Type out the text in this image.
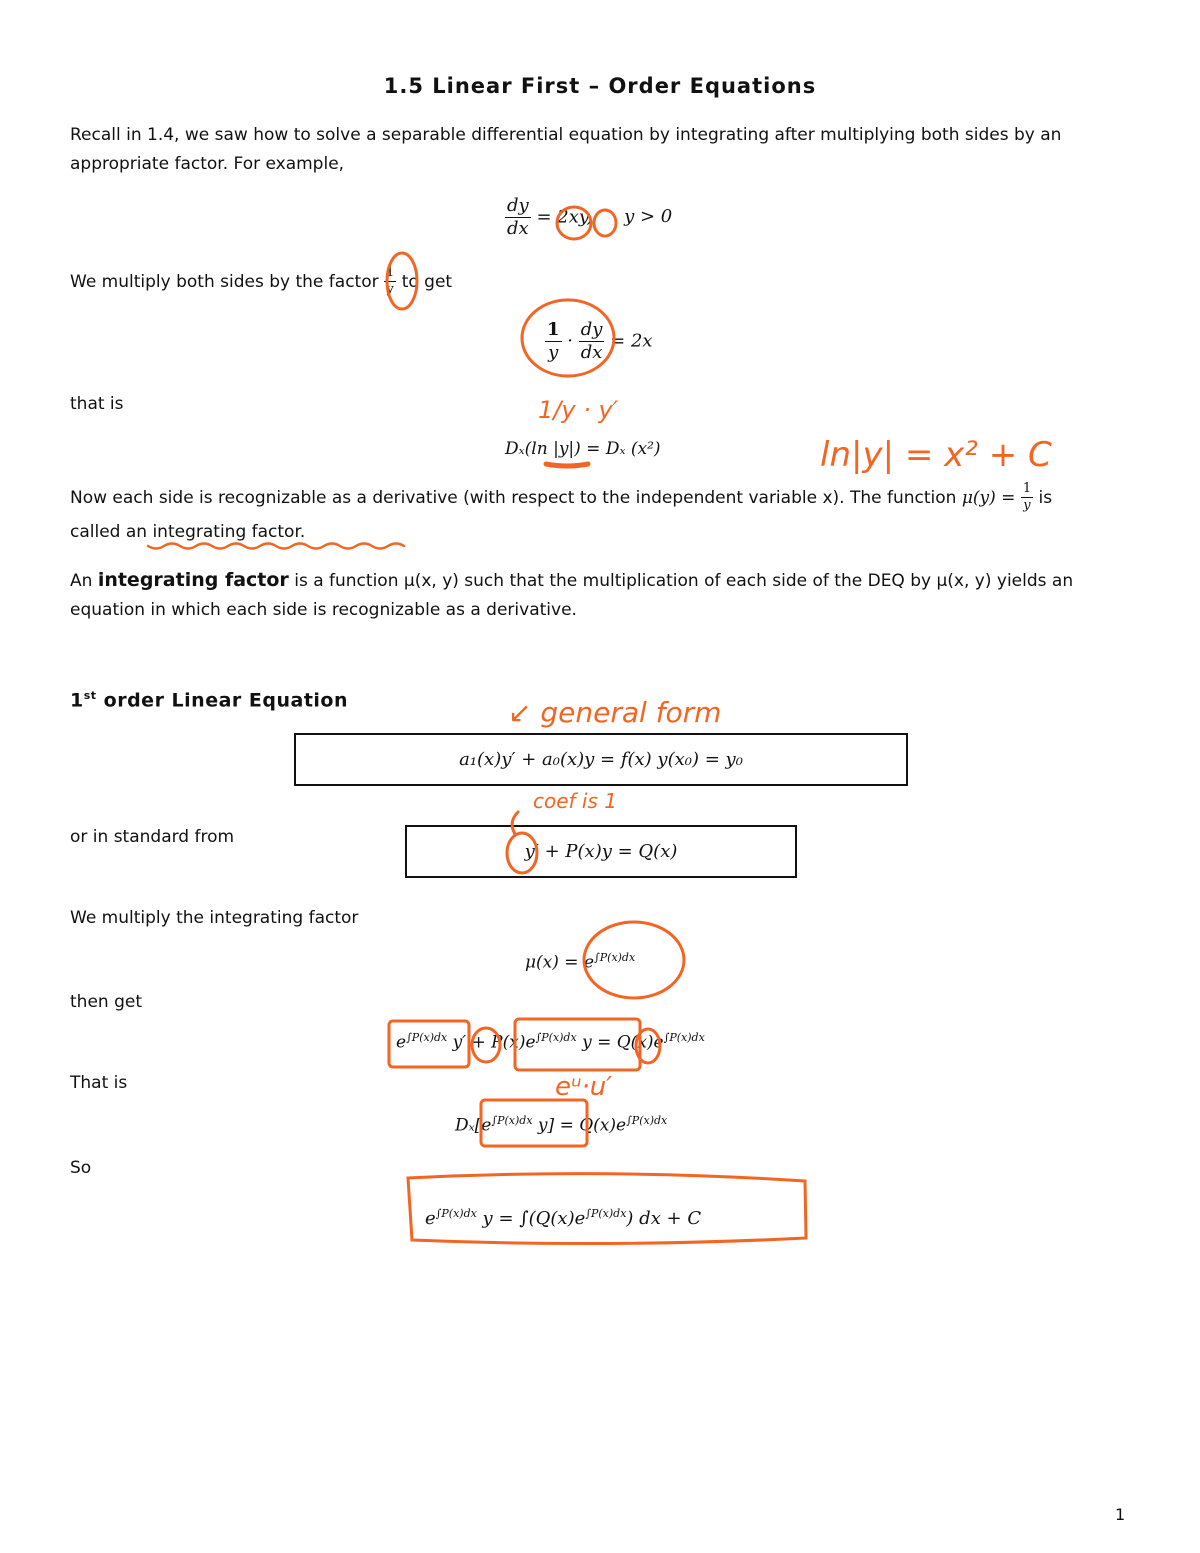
1.5 Linear First – Order Equations
Recall in 1.4, we saw how to solve a separable differential equation by integrating after multiplying both sides by an appropriate factor. For example,
$\frac{dy}{dx} = 2xy$, y > 0
We multiply both sides by the factor $\frac{1}{y}$ to get
$\frac{1}{y} \cdot \frac{dy}{dx} = 2x$
that is
Dₓ(ln |y|) = Dₓ (x²)
Now each side is recognizable as a derivative (with respect to the independent variable x). The function $\mu(y) = \frac{1}{y}$ is
called an integrating factor.
An integrating factor is a function μ(x, y) such that the multiplication of each side of the DEQ by μ(x, y) yields an equation in which each side is recognizable as a derivative.
1st order Linear Equation
a₁(x)y′ + a₀(x)y = f(x) y(x₀) = y₀
or in standard from
y′ + P(x)y = Q(x)
We multiply the integrating factor
$\mu(x) = e^{\int P(x)dx}$
then get
$e^{\int P(x)dx}$ $y' + P(x)e^{\int P(x)dx}$ $y = Q(x)e^{\int P(x)dx}$
That is
$D_x[e^{\int P(x)dx}$ $y] = Q(x)e^{\int P(x)dx}$
So
$e^{\int P(x)dx}$ $y = \int(Q(x)e^{\int P(x)dx})$ dx + C
ln|y| = x² + C
↙ general form
coef is 1
1/y · y′
eᵘ·u′
1
